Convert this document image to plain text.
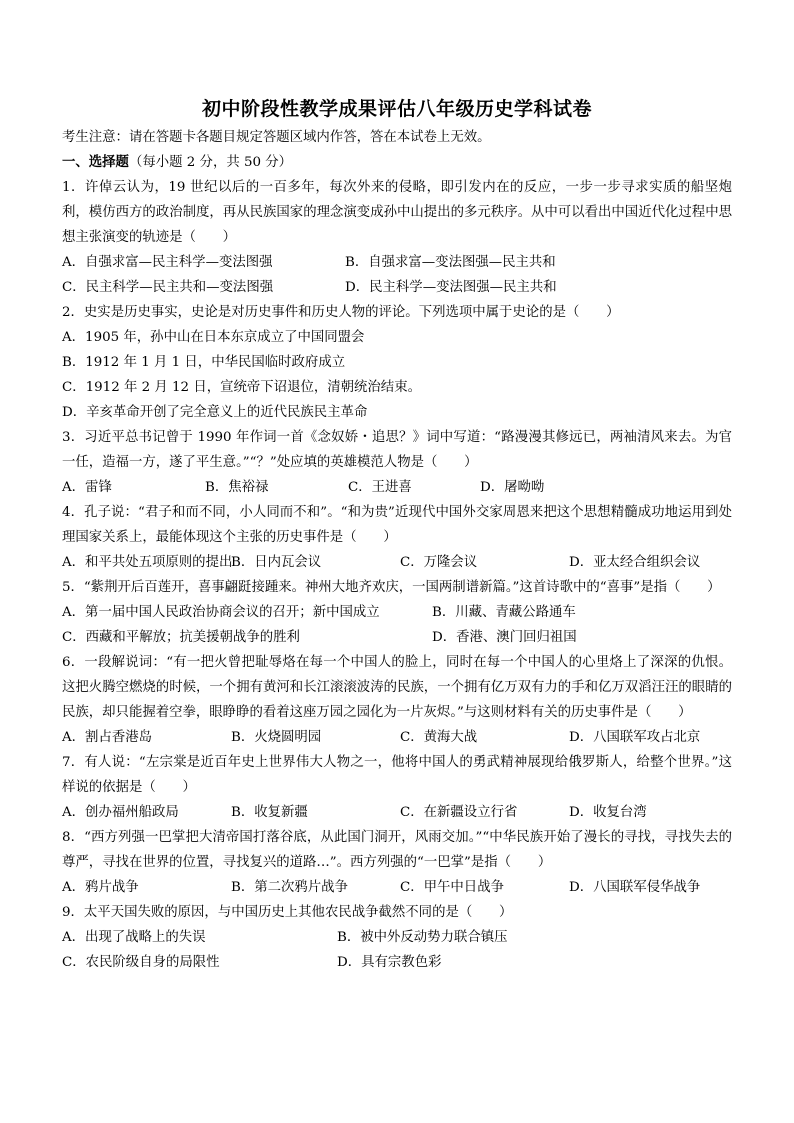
初中阶段性教学成果评估八年级历史学科试卷
考生注意：请在答题卡各题目规定答题区域内作答，答在本试卷上无效。
一、选择题（每小题 2 分，共 50 分）
1．许倬云认为，19 世纪以后的一百多年，每次外来的侵略，即引发内在的反应，一步一步寻求实质的船坚炮利，模仿西方的政治制度，再从民族国家的理念演变成孙中山提出的多元秩序。从中可以看出中国近代化过程中思想主张演变的轨迹是（　　）
A．自强求富—民主科学—变法图强	B．自强求富—变法图强—民主共和
C．民主科学—民主共和—变法图强	D．民主科学—变法图强—民主共和
2．史实是历史事实，史论是对历史事件和历史人物的评论。下列选项中属于史论的是（　　）
A．1905 年，孙中山在日本东京成立了中国同盟会
B．1912 年 1 月 1 日，中华民国临时政府成立
C．1912 年 2 月 12 日，宣统帝下诏退位，清朝统治结束。
D．辛亥革命开创了完全意义上的近代民族民主革命
3．习近平总书记曾于 1990 年作词一首《念奴娇・追思？》词中写道：“路漫漫其修远已，两袖清风来去。为官一任，造福一方，遂了平生意。”“？”处应填的英雄模范人物是（　　）
A．雷锋	B．焦裕禄	C．王进喜	D．屠呦呦
4．孔子说：“君子和而不同，小人同而不和”。“和为贵”近现代中国外交家周恩来把这个思想精髓成功地运用到处理国家关系上，最能体现这个主张的历史事件是（　　）
A．和平共处五项原则的提出
B．日内瓦会议	C．万隆会议	D．亚太经合组织会议
5．“紫荆开后百莲开，喜事翩跹接踵来。神州大地齐欢庆，一国两制谱新篇。”这首诗歌中的“喜事”是指（　　）
A．第一届中国人民政治协商会议的召开；新中国成立	B．川藏、青藏公路通车
C．西藏和平解放；抗美援朝战争的胜利	D．香港、澳门回归祖国
6．一段解说词：“有一把火曾把耻辱烙在每一个中国人的脸上，同时在每一个中国人的心里烙上了深深的仇恨。这把火腾空燃烧的时候，一个拥有黄河和长江滚滚波涛的民族，一个拥有亿万双有力的手和亿万双滔汪汪的眼睛的民族，却只能握着空拳，眼睁睁的看着这座万园之园化为一片灰烬。”与这则材料有关的历史事件是（　　）
A．割占香港岛	B．火烧圆明园	C．黄海大战	D．八国联军攻占北京
7．有人说：“左宗棠是近百年史上世界伟大人物之一，他将中国人的勇武精神展现给俄罗斯人，给整个世界。”这样说的依据是（　　）
A．创办福州船政局	B．收复新疆	C．在新疆设立行省	D．收复台湾
8．“西方列强一巴掌把大清帝国打落谷底，从此国门洞开，风雨交加。”“中华民族开始了漫长的寻找，寻找失去的尊严，寻找在世界的位置，寻找复兴的道路…”。西方列强的“一巴掌”是指（　　）
A．鸦片战争	B．第二次鸦片战争	C．甲午中日战争	D．八国联军侵华战争
9．太平天国失败的原因，与中国历史上其他农民战争截然不同的是（　　）
A．出现了战略上的失误	B．被中外反动势力联合镇压
C．农民阶级自身的局限性	D．具有宗教色彩
